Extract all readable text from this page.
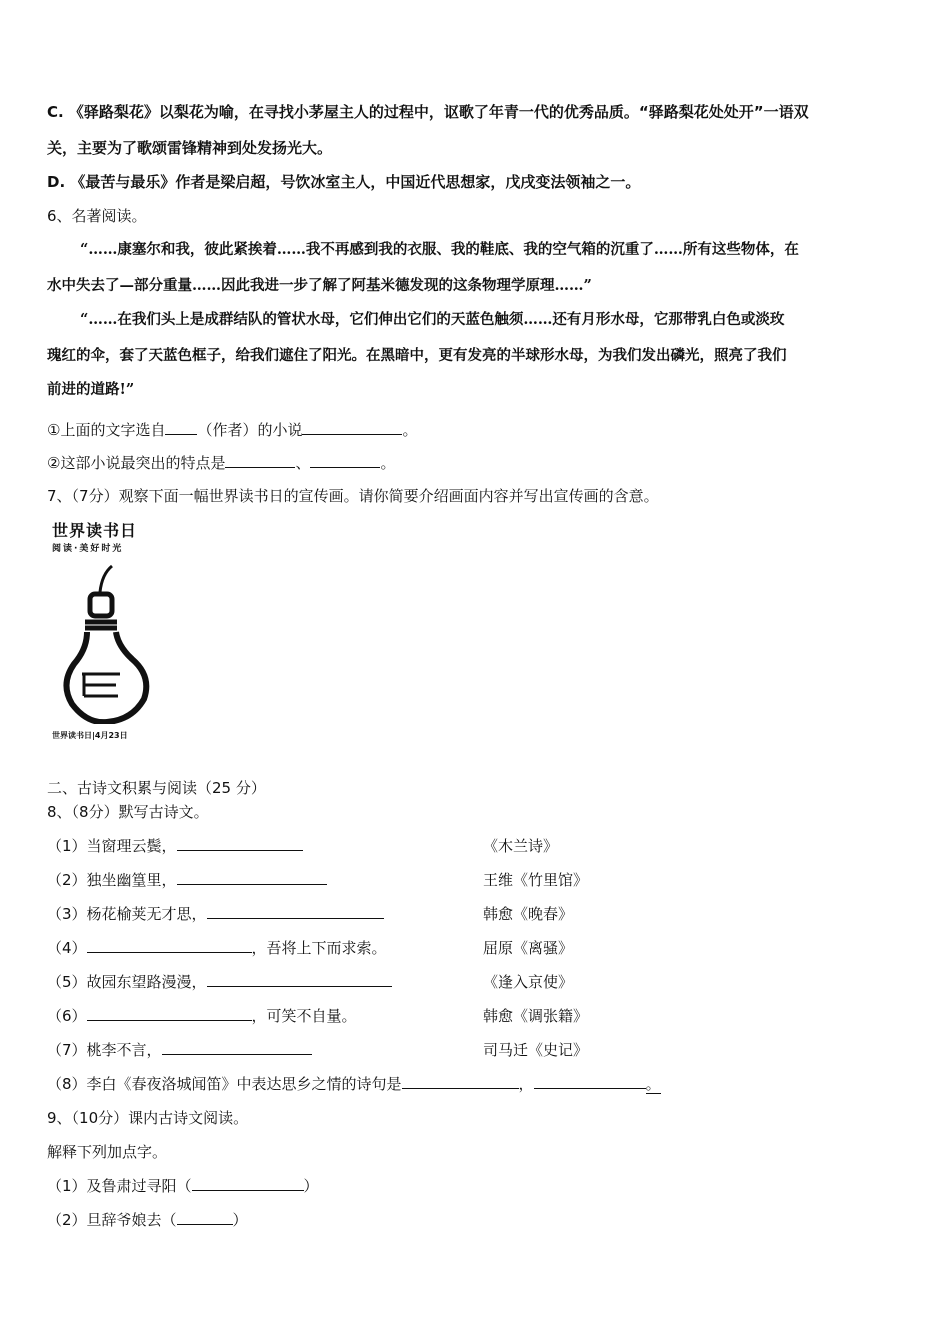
C. 《驿路梨花》以梨花为喻，在寻找小茅屋主人的过程中，讴歌了年青一代的优秀品质。“驿路梨花处处开”一语双
关，主要为了歌颂雷锋精神到处发扬光大。
D. 《最苦与最乐》作者是梁启超，号饮冰室主人，中国近代思想家，戊戌变法领袖之一。
6、名著阅读。
“……康塞尔和我，彼此紧挨着……我不再感到我的衣服、我的鞋底、我的空气箱的沉重了……所有这些物体，在
水中失去了—部分重量……因此我进一步了解了阿基米德发现的这条物理学原理……”
“……在我们头上是成群结队的管状水母，它们伸出它们的天蓝色触须……还有月形水母，它那带乳白色或淡玫
瑰红的伞，套了天蓝色框子，给我们遮住了阳光。在黑暗中，更有发亮的半球形水母，为我们发出磷光，照亮了我们
前进的道路!”
①上面的文字选自 （作者）的小说	。
②这部小说最突出的特点是	、	。
7、（7分）观察下面一幅世界读书日的宣传画。请你简要介绍画面内容并写出宣传画的含意。
世界读书日
阅读·美好时光
世界读书日|4月23日
二、古诗文积累与阅读（25 分）
8、（8分）默写古诗文。
（1）当窗理云鬓，	《木兰诗》
（2）独坐幽篁里，	王维《竹里馆》
（3）杨花榆荚无才思，	韩愈《晚春》
（4）	，吾将上下而求索。	屈原《离骚》
（5）故园东望路漫漫，	《逢入京使》
（6）	，可笑不自量。	韩愈《调张籍》
（7）桃李不言，	司马迁《史记》
（8）李白《春夜洛城闻笛》中表达思乡之情的诗句是	，	。
9、（10分）课内古诗文阅读。
解释下列加点字。
（1）及鲁肃过寻阳（	）
（2）旦辞爷娘去（	）
